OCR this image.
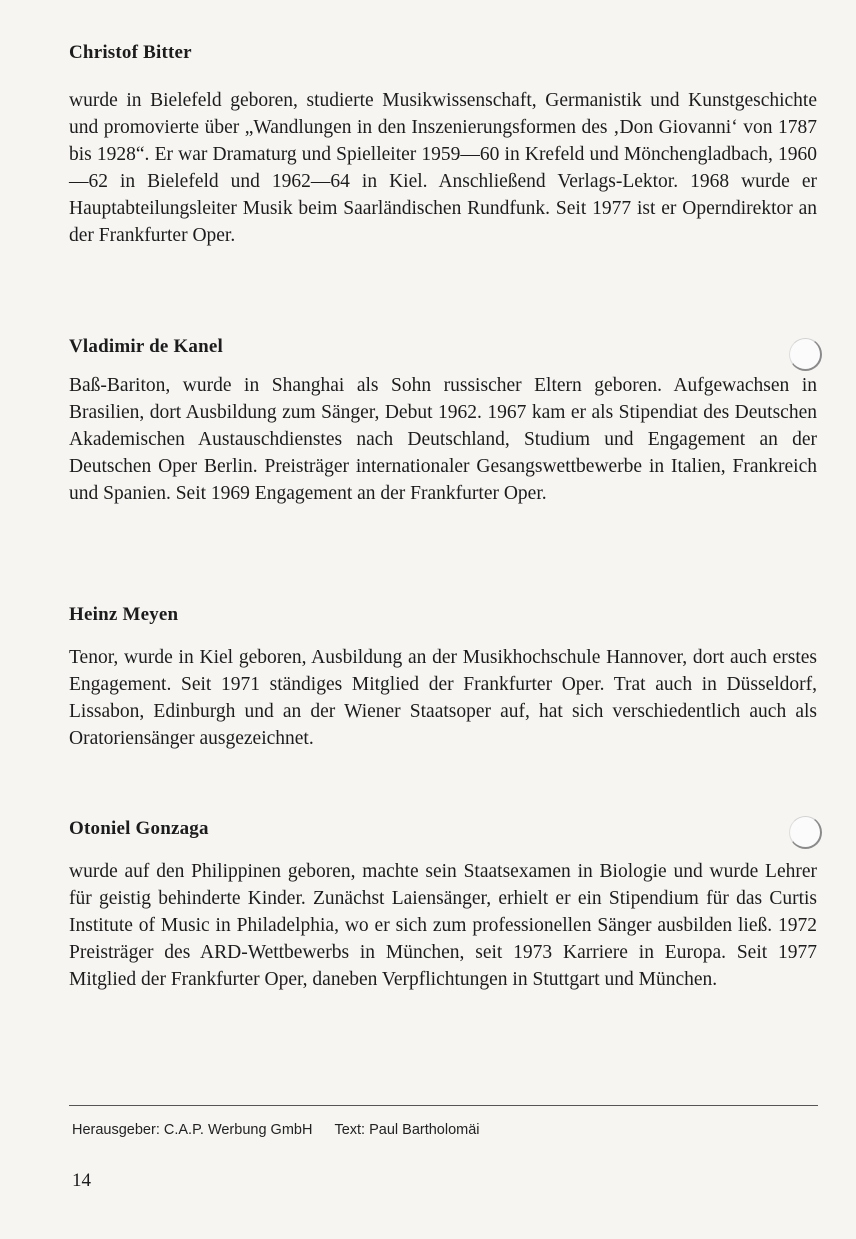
Christof Bitter

wurde in Bielefeld geboren, studierte Musikwissenschaft, Germanistik und Kunstgeschichte und promovierte über „Wandlungen in den Inszenierungsformen des ‚Don Giovanni‘ von 1787 bis 1928“. Er war Dramaturg und Spielleiter 1959—60 in Krefeld und Mönchengladbach, 1960—62 in Bielefeld und 1962—64 in Kiel. Anschließend Verlags-Lektor. 1968 wurde er Hauptabteilungsleiter Musik beim Saarländischen Rundfunk. Seit 1977 ist er Operndirektor an der Frankfurter Oper.

Vladimir de Kanel

Baß-Bariton, wurde in Shanghai als Sohn russischer Eltern geboren. Aufgewachsen in Brasilien, dort Ausbildung zum Sänger, Debut 1962. 1967 kam er als Stipendiat des Deutschen Akademischen Austauschdienstes nach Deutschland, Studium und Engagement an der Deutschen Oper Berlin. Preisträger internationaler Gesangswettbewerbe in Italien, Frankreich und Spanien. Seit 1969 Engagement an der Frankfurter Oper.

Heinz Meyen

Tenor, wurde in Kiel geboren, Ausbildung an der Musikhochschule Hannover, dort auch erstes Engagement. Seit 1971 ständiges Mitglied der Frankfurter Oper. Trat auch in Düsseldorf, Lissabon, Edinburgh und an der Wiener Staatsoper auf, hat sich verschiedentlich auch als Oratoriensänger ausgezeichnet.

Otoniel Gonzaga

wurde auf den Philippinen geboren, machte sein Staatsexamen in Biologie und wurde Lehrer für geistig behinderte Kinder. Zunächst Laiensänger, erhielt er ein Stipendium für das Curtis Institute of Music in Philadelphia, wo er sich zum professionellen Sänger ausbilden ließ. 1972 Preisträger des ARD-Wettbewerbs in München, seit 1973 Karriere in Europa. Seit 1977 Mitglied der Frankfurter Oper, daneben Verpflichtungen in Stuttgart und München.

Herausgeber: C.A.P. Werbung GmbH Text: Paul Bartholomäi
14
